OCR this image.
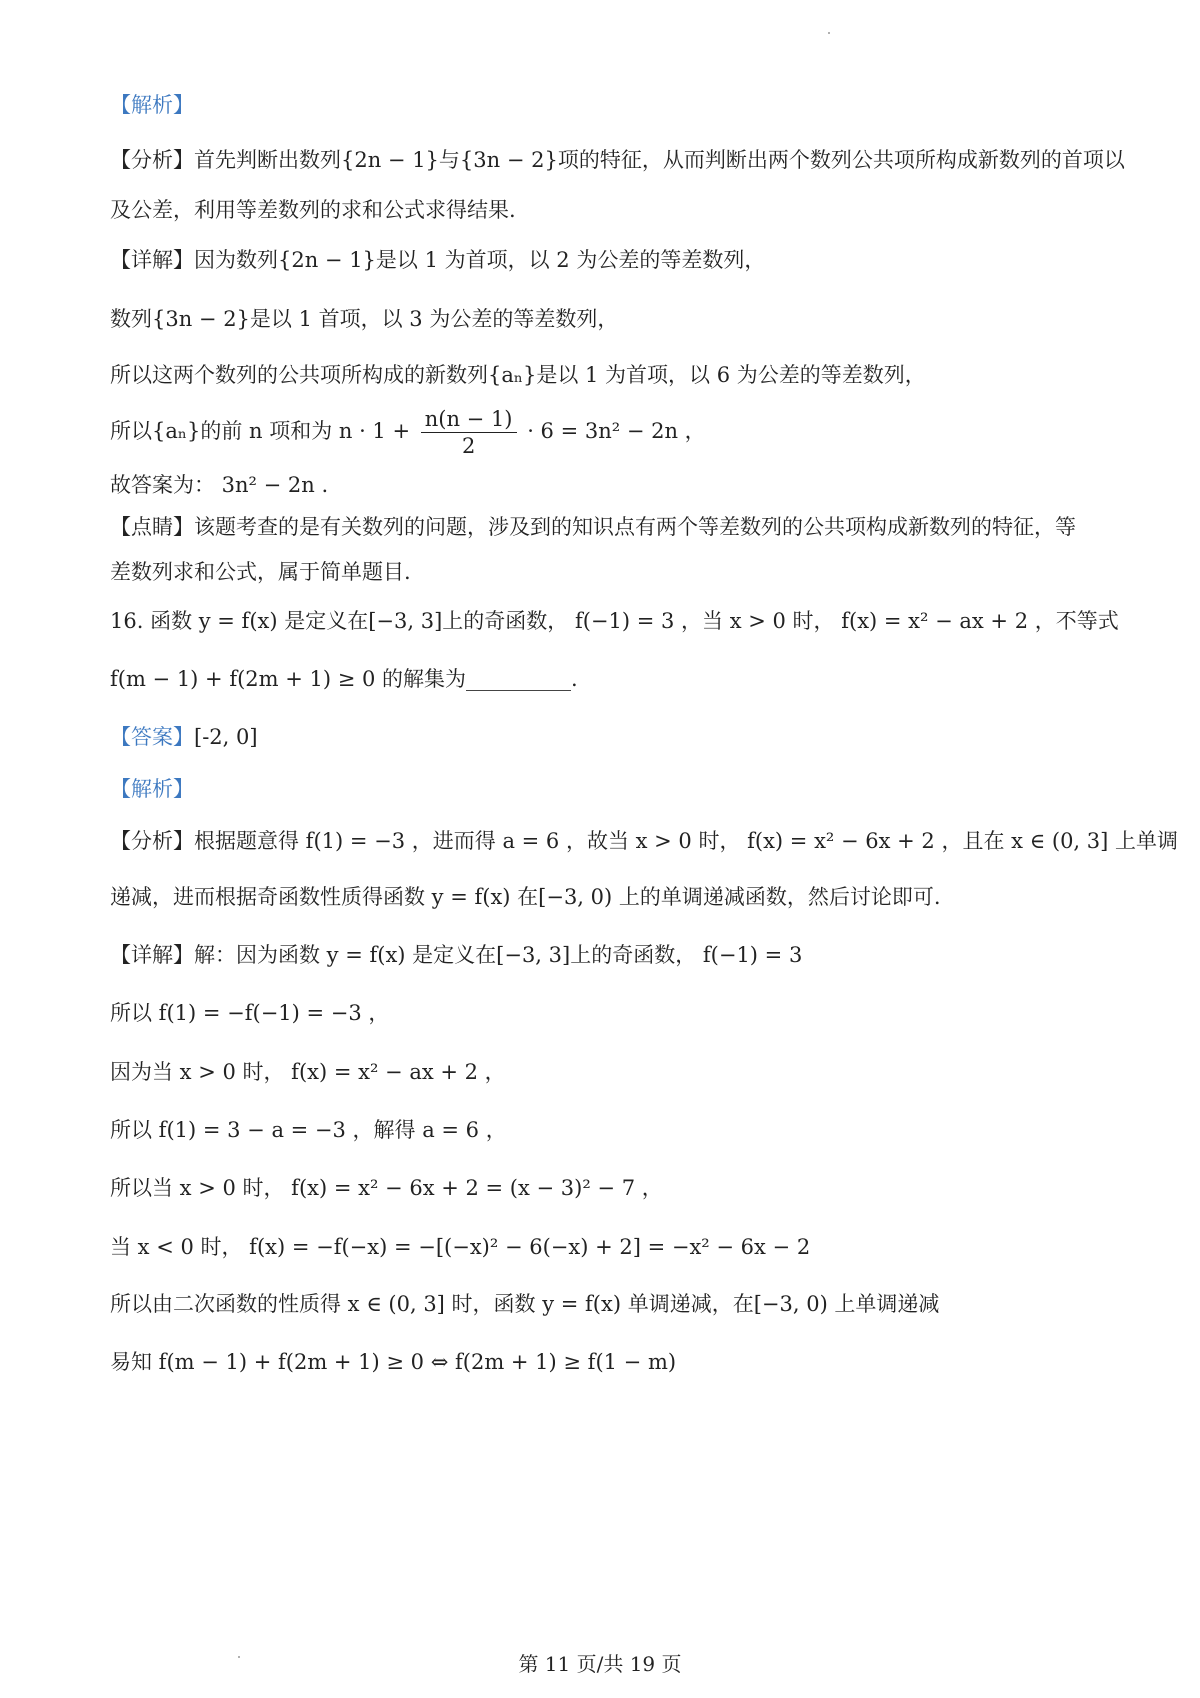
【解析】
【分析】首先判断出数列{2n − 1}与{3n − 2}项的特征，从而判断出两个数列公共项所构成新数列的首项以
及公差，利用等差数列的求和公式求得结果.
【详解】因为数列{2n − 1}是以 1 为首项，以 2 为公差的等差数列，
数列{3n − 2}是以 1 首项，以 3 为公差的等差数列，
所以这两个数列的公共项所构成的新数列{aₙ}是以 1 为首项，以 6 为公差的等差数列，
所以{aₙ}的前 n 项和为 $n \cdot 1 + \frac{n(n - 1)}{2} \cdot 6 = 3n^2 - 2n$ ，
故答案为： 3n² − 2n .
【点睛】该题考查的是有关数列的问题，涉及到的知识点有两个等差数列的公共项构成新数列的特征，等
差数列求和公式，属于简单题目.
16. 函数 y = f(x) 是定义在[−3, 3]上的奇函数， f(−1) = 3 ，当 x > 0 时， f(x) = x² − ax + 2 ，不等式
f(m − 1) + f(2m + 1) ≥ 0 的解集为__________.
【答案】[-2, 0]
【解析】
【分析】根据题意得 f(1) = −3 ，进而得 a = 6 ，故当 x > 0 时， f(x) = x² − 6x + 2 ，且在 x ∈ (0, 3] 上单调
递减，进而根据奇函数性质得函数 y = f(x) 在[−3, 0) 上的单调递减函数，然后讨论即可.
【详解】解：因为函数 y = f(x) 是定义在[−3, 3]上的奇函数， f(−1) = 3
所以 f(1) = −f(−1) = −3 ，
因为当 x > 0 时， f(x) = x² − ax + 2 ，
所以 f(1) = 3 − a = −3 ，解得 a = 6 ，
所以当 x > 0 时， f(x) = x² − 6x + 2 = (x − 3)² − 7 ，
当 x < 0 时， f(x) = −f(−x) = −[(−x)² − 6(−x) + 2] = −x² − 6x − 2
所以由二次函数的性质得 x ∈ (0, 3] 时，函数 y = f(x) 单调递减，在[−3, 0) 上单调递减
易知 f(m − 1) + f(2m + 1) ≥ 0 ⇔ f(2m + 1) ≥ f(1 − m)
第 11 页/共 19 页
